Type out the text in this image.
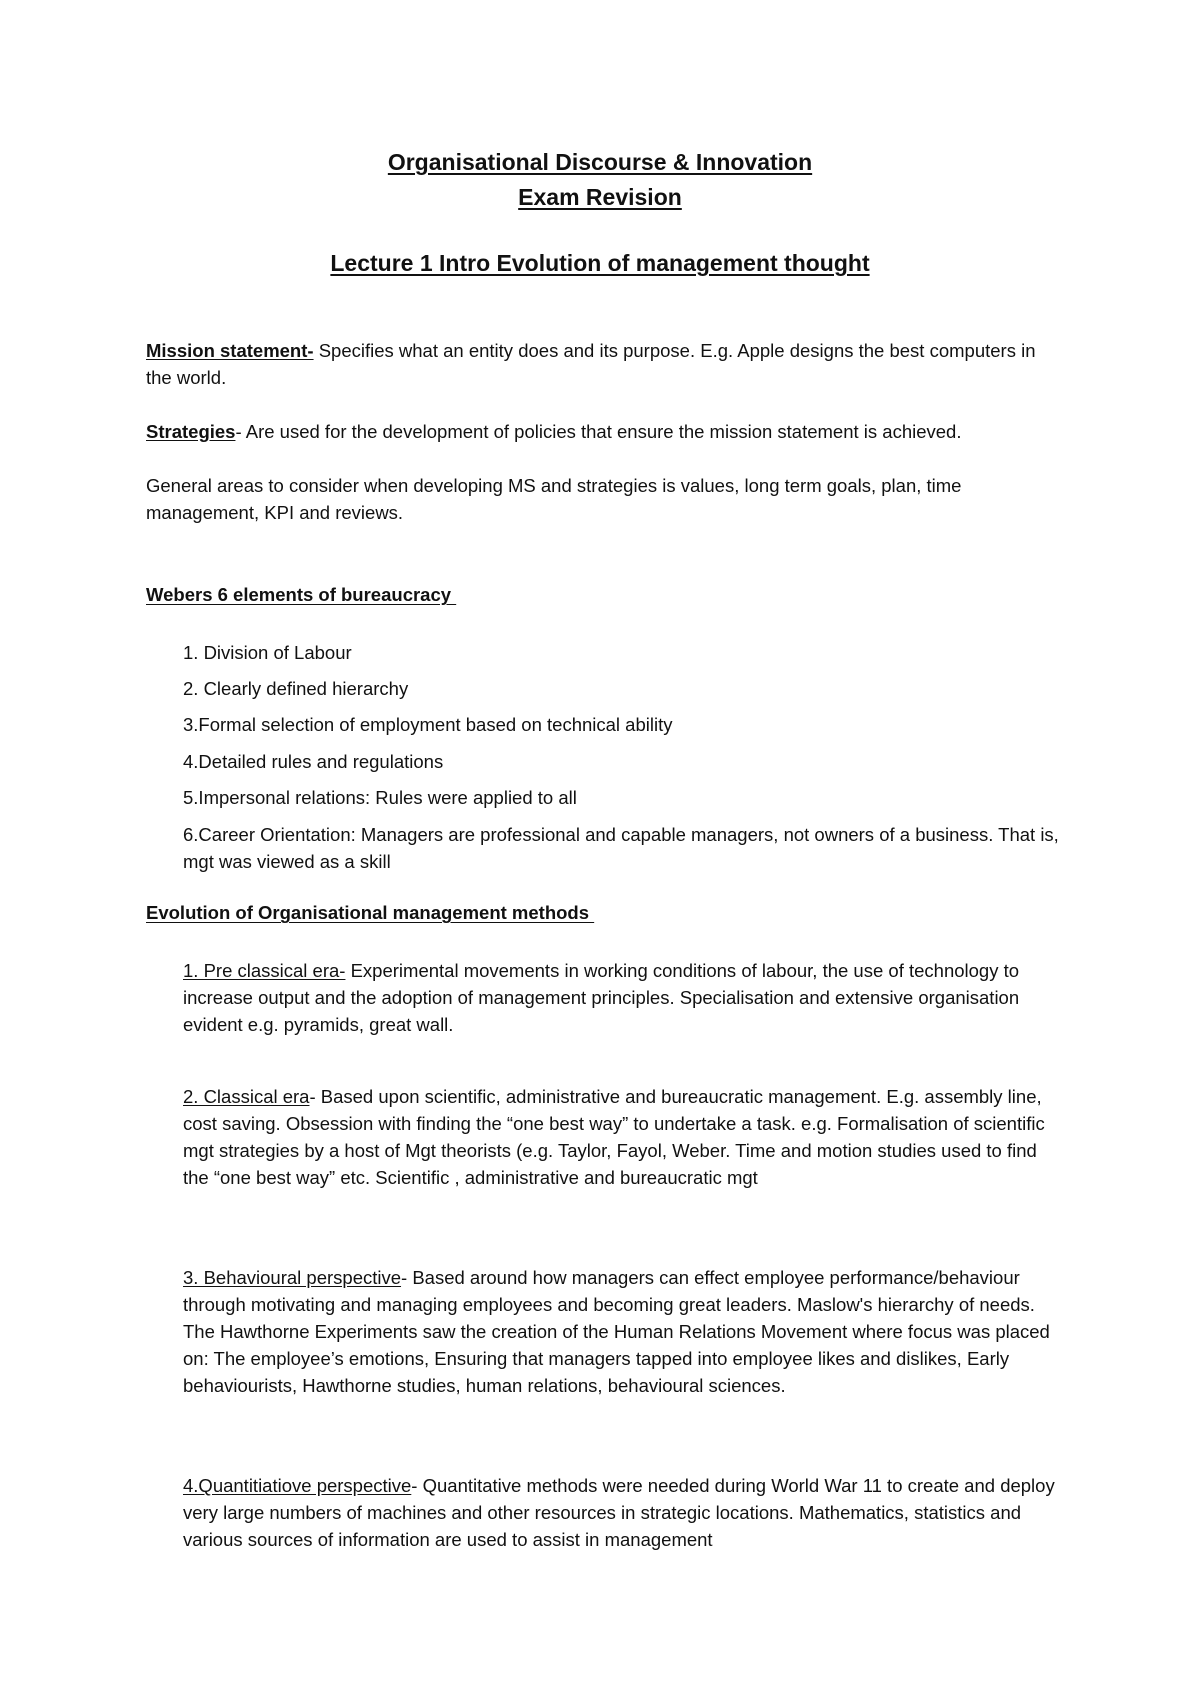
Organisational Discourse & Innovation
Exam Revision
Lecture 1 Intro Evolution of management thought
Mission statement- Specifies what an entity does and its purpose. E.g. Apple designs the best computers in the world.
Strategies- Are used for the development of policies that ensure the mission statement is achieved.
General areas to consider when developing MS and strategies is values, long term goals, plan, time management, KPI and reviews.
Webers 6 elements of bureaucracy
1. Division of Labour
2. Clearly defined hierarchy
3.Formal selection of employment based on technical ability
4.Detailed rules and regulations
5.Impersonal relations: Rules were applied to all
6.Career Orientation: Managers are professional and capable managers, not owners of a business. That is, mgt was viewed as a skill
Evolution of Organisational management methods
1. Pre classical era- Experimental movements in working conditions of labour, the use of technology to increase output and the adoption of management principles. Specialisation and extensive organisation evident e.g. pyramids, great wall.
2. Classical era- Based upon scientific, administrative and bureaucratic management. E.g. assembly line, cost saving. Obsession with finding the “one best way” to undertake a task. e.g. Formalisation of scientific mgt strategies by a host of Mgt theorists (e.g. Taylor, Fayol, Weber. Time and motion studies used to find the “one best way” etc. Scientific , administrative and bureaucratic mgt
3. Behavioural perspective- Based around how managers can effect employee performance/behaviour through motivating and managing employees and becoming great leaders. Maslow's hierarchy of needs. The Hawthorne Experiments saw the creation of the Human Relations Movement where focus was placed on: The employee’s emotions, Ensuring that managers tapped into employee likes and dislikes, Early behaviourists, Hawthorne studies, human relations, behavioural sciences.
4.Quantitiatiove perspective- Quantitative methods were needed during World War 11 to create and deploy very large numbers of machines and other resources in strategic locations. Mathematics, statistics and various sources of information are used to assist in management
